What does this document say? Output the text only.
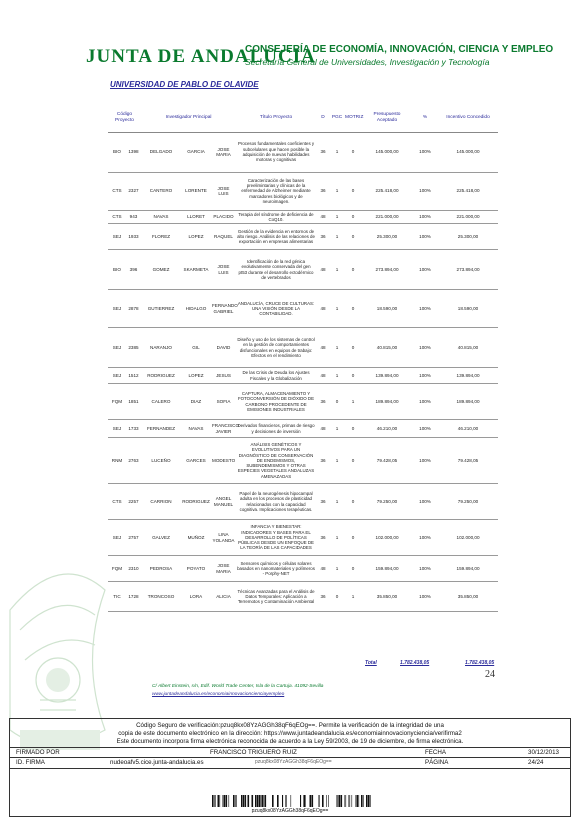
JUNTA DE ANDALUCIA
CONSEJERÍA DE ECONOMÍA, INNOVACIÓN, CIENCIA Y EMPLEO
Secretaría General de Universidades, Investigación y Tecnología
UNIVERSIDAD DE PABLO DE OLAVIDE
Código Proyecto		Investigador Principal			Título Proyecto	D	PGC	MOTRIZ	Presupuesto Aceptado	%	Incentivo Concedido
BIO	1398	DELGADO	GARCIA	JOSE MARIA	Procesos fundamentales coeficientes y subcelulares que hacen posible la adquisición de nuevas habilidades motoras y cognitivas	36	1	0	145.000,00	100%	145.000,00
CTS	2327	CANTERO	LORENTE	JOSE LUIS	Caracterización de las bases preelimintarias y clínicas de la enfermedad de Alzheimer mediante marcadores biológicos y de neuroimagen.	36	1	0	225.418,00	100%	225.418,00
CTS	943	NAVAS	LLORET	PLACIDO	Terapia del síndrome de deficiencia de CoQ10.	48	1	0	221.000,00	100%	221.000,00
SEJ	1933	FLOREZ	LOPEZ	RAQUEL	Gestión de la evidencia en entornos de alto riesgo. Análisis de las relaciones de exportación en empresas alimentarias	36	1	0	25.300,00	100%	25.300,00
BIO	396	GOMEZ	SKARMETA	JOSE LUIS	Identificación de la red génica evolutivamente conservada del gen pt53 durante el desarrollo ectodérmico de vertebrados	48	1	0	273.894,00	100%	273.894,00
SEJ	2878	GUTIERREZ	HIDALGO	FERNANDO GABRIEL	ANDALUCÍA, CRUCE DE CULTURAS: UNA VISIÓN DESDE LA CONTABILIDAD.	48	1	0	18.590,00	100%	18.590,00
SEJ	2385	NARANJO	GIL	DAVID	Diseño y uso de los sistemas de control en la gestión de comportamientes disfuncionales en equipos de trabajo: Efectos en el rendimiento	48	1	0	40.815,00	100%	40.815,00
SEJ	1512	RODRIGUEZ	LOPEZ	JESUS	De las Crisis de Deuda los Ajustes Fiscales y la Globalización	48	1	0	139.894,00	100%	139.894,00
FQM	1851	CALERO	DIAZ	SOFIA	CAPTURA, ALMACENAMIENTO Y FOTOCONVERSIÓN DE DIÓXIDO DE CARBONO PROCEDENTE DE EMISIONES INDUSTRIALES	36	0	1	189.894,00	100%	189.894,00
SEJ	1733	FERNANDEZ	NAVAS	FRANCISCO JAVIER	Derivados financieros, primas de riesgo y decisiones de inversión	48	1	0	46.210,00	100%	46.210,00
RNM	2763	LUCEÑO	GARCES	MODESTO	ANÁLISIS GENÉTICOS Y EVOLUTIVOS PARA UN DIAGNÓSTICO DE CONSERVACIÓN DE ENDEMISMOS, SUBENDEMISMOS Y OTRAS ESPECIES VEGETALES ANDALUZAS AMENAZADAS	36	1	0	79.428,05	100%	79.428,05
CTS	2257	CARRION	RODRIGUEZ	ANGEL MANUEL	Papel de la neurogénesis hipocampal adulta en los procesos de plasticidad relacionados con la capacidad cognitiva. Implicaciones terapéuticas.	36	1	0	79.250,00	100%	79.250,00
SEJ	2757	GALVEZ	MUÑOZ	LINA YOLANDA	INFANCIA Y BIENESTAR: INDICADORES Y BASES PARA EL DESARROLLO DE POLÍTICAS PÚBLICAS DESDE UN ENFOQUE DE LA TEORÍA DE LAS CAPACIDADES	36	1	0	102.000,00	100%	102.000,00
FQM	2310	PEDROSA	POYATO	JOSE MARIA	Sensores químicos y células solares basados en nanomateriales y polímeros - Porphy-NET	48	1	0	159.894,00	100%	159.894,00
TIC	1728	TRONCOSO	LORA	ALICIA	Técnicas Avanzadas para el Análisis de Datos Temporales: Aplicación a Terremotos y Contaminación Ambiental	36	0	1	35.850,00	100%	35.850,00
Total	1.782.438,05	1.782.438,05
24
C/ Albert Einstein, s/n, Edif. World Trade Center, Isla de la Cartuja. 41092-Sevilla
www.juntadeandalucia.es/economiainnovacioncienciayempleo
Código Seguro de verificación:pzuq8kx08YzAGGh38qF6qEOg==. Permite la verificación de la integridad de una
copia de este documento electrónico en la dirección: https://www.juntadeandalucia.es/economiainnovacionyciencia/verifirma2
Este documento incorpora firma electrónica reconocida de acuerdo a la Ley 59/2003, de 19 de diciembre, de firma electrónica.
FIRMADO POR	FRANCISCO TRIGUERO RUIZ	FECHA	30/12/2013
ID. FIRMA	nudeoafv5.cice.junta-andalucia.es	pzuq8kx08YzAGGh38qF6qEOg==	PÁGINA	24/24
pzuq8kx08YzAGGh38qF6qEOg==
